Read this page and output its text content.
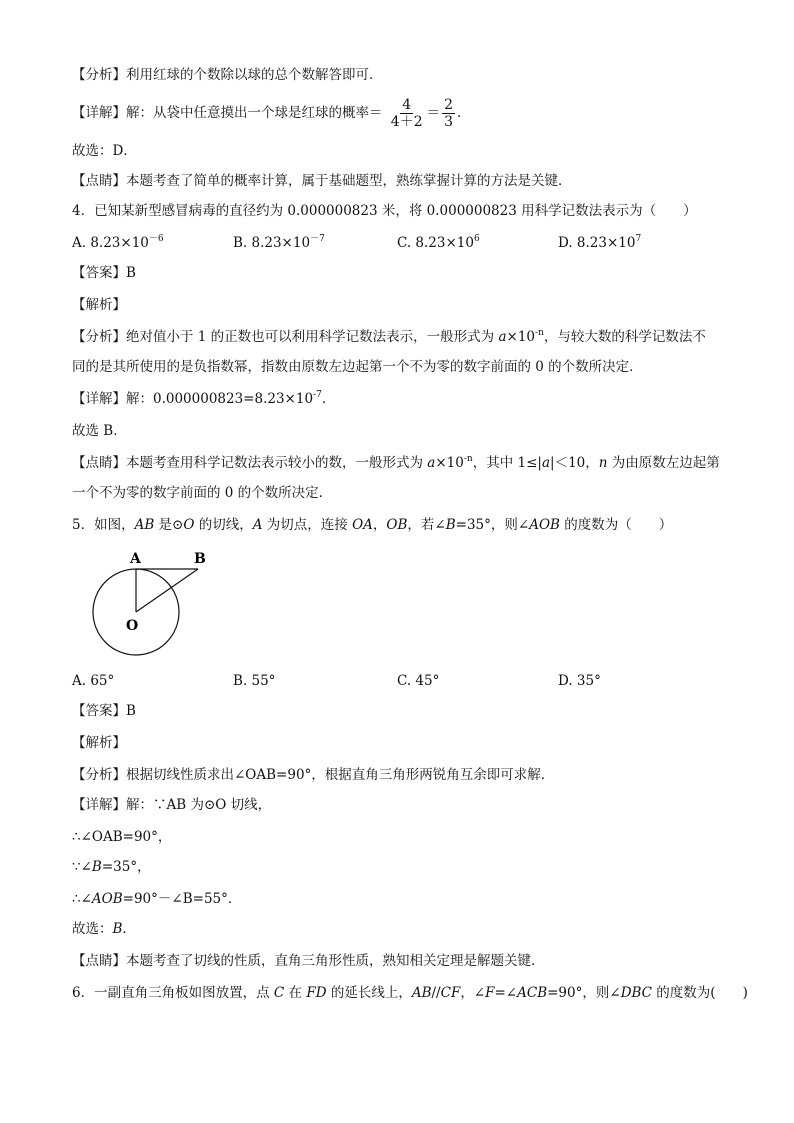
【分析】利用红球的个数除以球的总个数解答即可．
【详解】解：从袋中任意摸出一个球是红球的概率＝ $\frac{4}{4+2} = \frac{2}{3}$ ．
故选：D．
【点睛】本题考查了简单的概率计算，属于基础题型，熟练掌握计算的方法是关键．
4．已知某新型感冒病毒的直径约为 0.000000823 米，将 0.000000823 用科学记数法表示为（　　）
A. $8.23\times 10^{-6}$	B. $8.23\times 10^{-7}$	C. $8.23\times 10^6$	D. $8.23\times 10^7$
【答案】B
【解析】
【分析】绝对值小于 1 的正数也可以利用科学记数法表示，一般形式为 $a\times 10^{-n}$，与较大数的科学记数法不
同的是其所使用的是负指数幂，指数由原数左边起第一个不为零的数字前面的 0 的个数所决定．
【详解】解：$0.000000823=8.23\times 10^{-7}$．
故选 B．
【点睛】本题考查用科学记数法表示较小的数，一般形式为 $a\times 10^{-n}$，其中 1≤|a|＜10，n 为由原数左边起第
一个不为零的数字前面的 0 的个数所决定．
5．如图，AB 是⊙O 的切线，A 为切点，连接 OA，OB，若∠B=35°，则∠AOB 的度数为（　　）
A	B
O
A. 65°	B. 55°	C. 45°	D. 35°
【答案】B
【解析】
【分析】根据切线性质求出∠OAB=90°，根据直角三角形两锐角互余即可求解．
【详解】解：∵AB 为⊙O 切线，
∴∠OAB=90°，
∵∠B=35°，
∴∠AOB=90°－∠B=55°．
故选：B．
【点睛】本题考查了切线的性质，直角三角形性质，熟知相关定理是解题关键．
6．一副直角三角板如图放置，点 C 在 FD 的延长线上，AB//CF，∠F=∠ACB=90°，则∠DBC 的度数为(　　)
